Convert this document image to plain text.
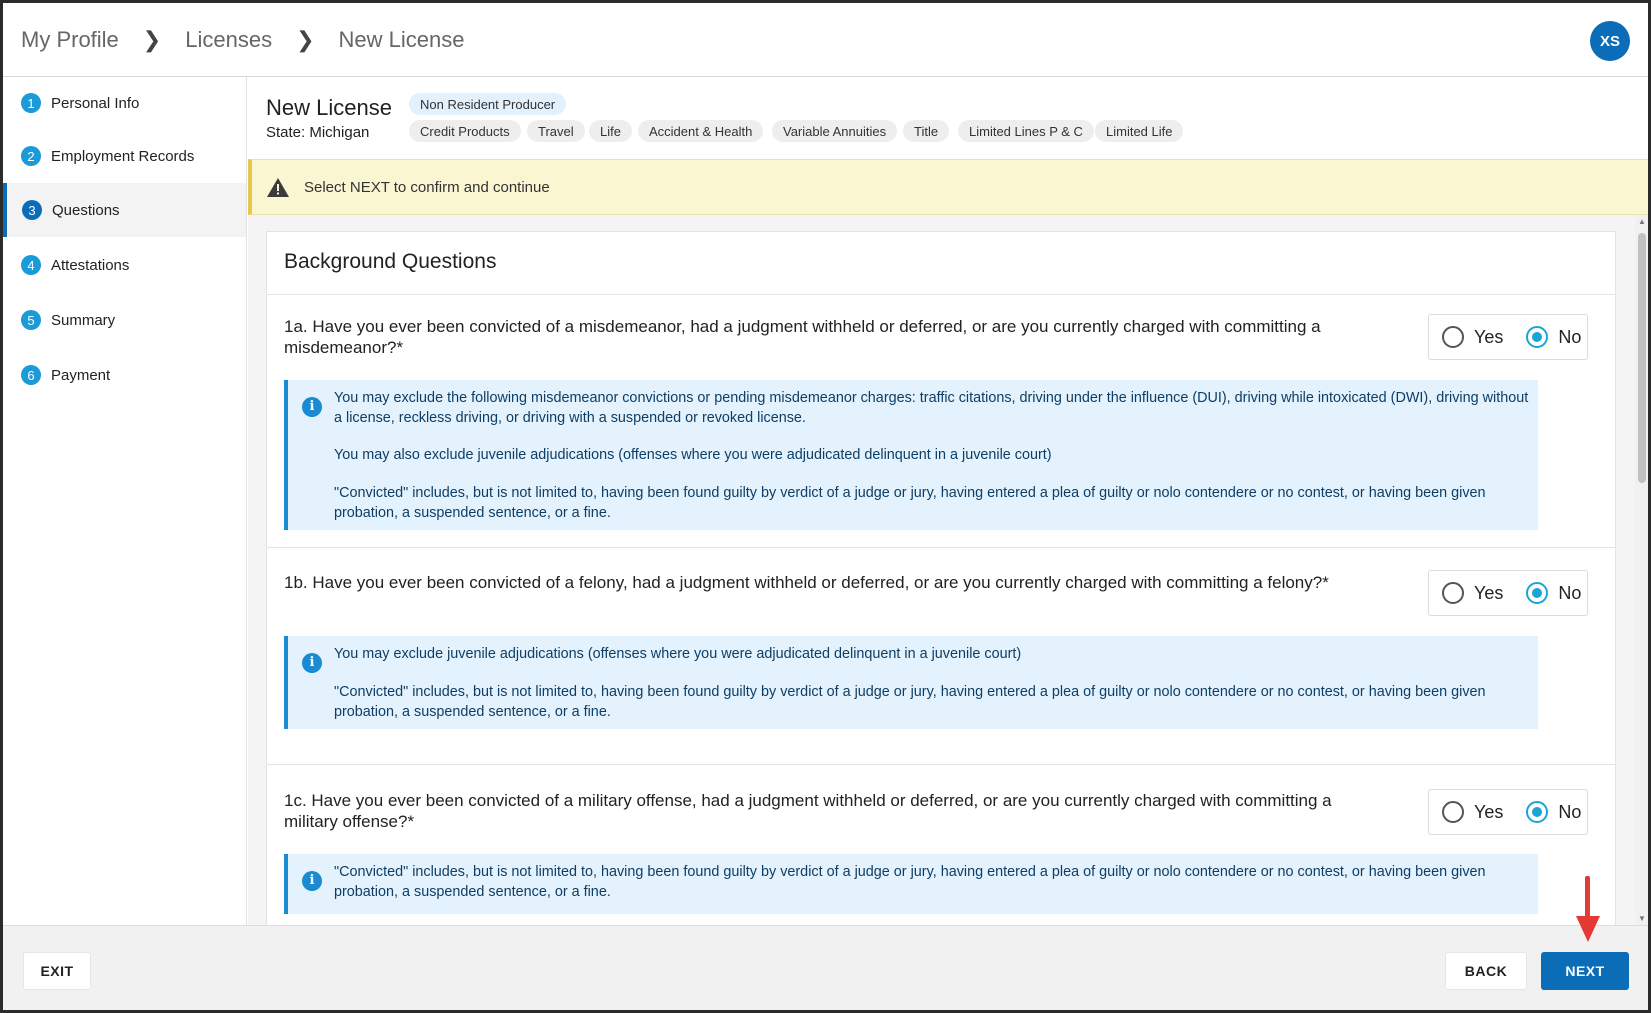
My Profile ❯ Licenses ❯ New License	XS
1	Personal Info
2	Employment Records
3	Questions
4	Attestations
5	Summary
6	Payment
New License
State: Michigan
Non Resident Producer
Credit Products	Travel	Life	Accident & Health	Variable Annuities	Title	Limited Lines P & C	Limited Life
Select NEXT to confirm and continue
Background Questions
1a. Have you ever been convicted of a misdemeanor, had a judgment withheld or deferred, or are you currently charged with committing a misdemeanor?*
Yes	No
i

You may exclude the following misdemeanor convictions or pending misdemeanor charges: traffic citations, driving under the influence (DUI), driving while intoxicated (DWI), driving without a license, reckless driving, or driving with a suspended or revoked license.

You may also exclude juvenile adjudications (offenses where you were adjudicated delinquent in a juvenile court)

"Convicted" includes, but is not limited to, having been found guilty by verdict of a judge or jury, having entered a plea of guilty or nolo contendere or no contest, or having been given probation, a suspended sentence, or a fine.

1b. Have you ever been convicted of a felony, had a judgment withheld or deferred, or are you currently charged with committing a felony?*	Yes	No
i

You may exclude juvenile adjudications (offenses where you were adjudicated delinquent in a juvenile court)

"Convicted" includes, but is not limited to, having been found guilty by verdict of a judge or jury, having entered a plea of guilty or nolo contendere or no contest, or having been given probation, a suspended sentence, or a fine.

1c. Have you ever been convicted of a military offense, had a judgment withheld or deferred, or are you currently charged with committing a military offense?*	Yes	No
i

"Convicted" includes, but is not limited to, having been found guilty by verdict of a judge or jury, having entered a plea of guilty or nolo contendere or no contest, or having been given probation, a suspended sentence, or a fine.

▲
▼
EXIT	BACK	NEXT
